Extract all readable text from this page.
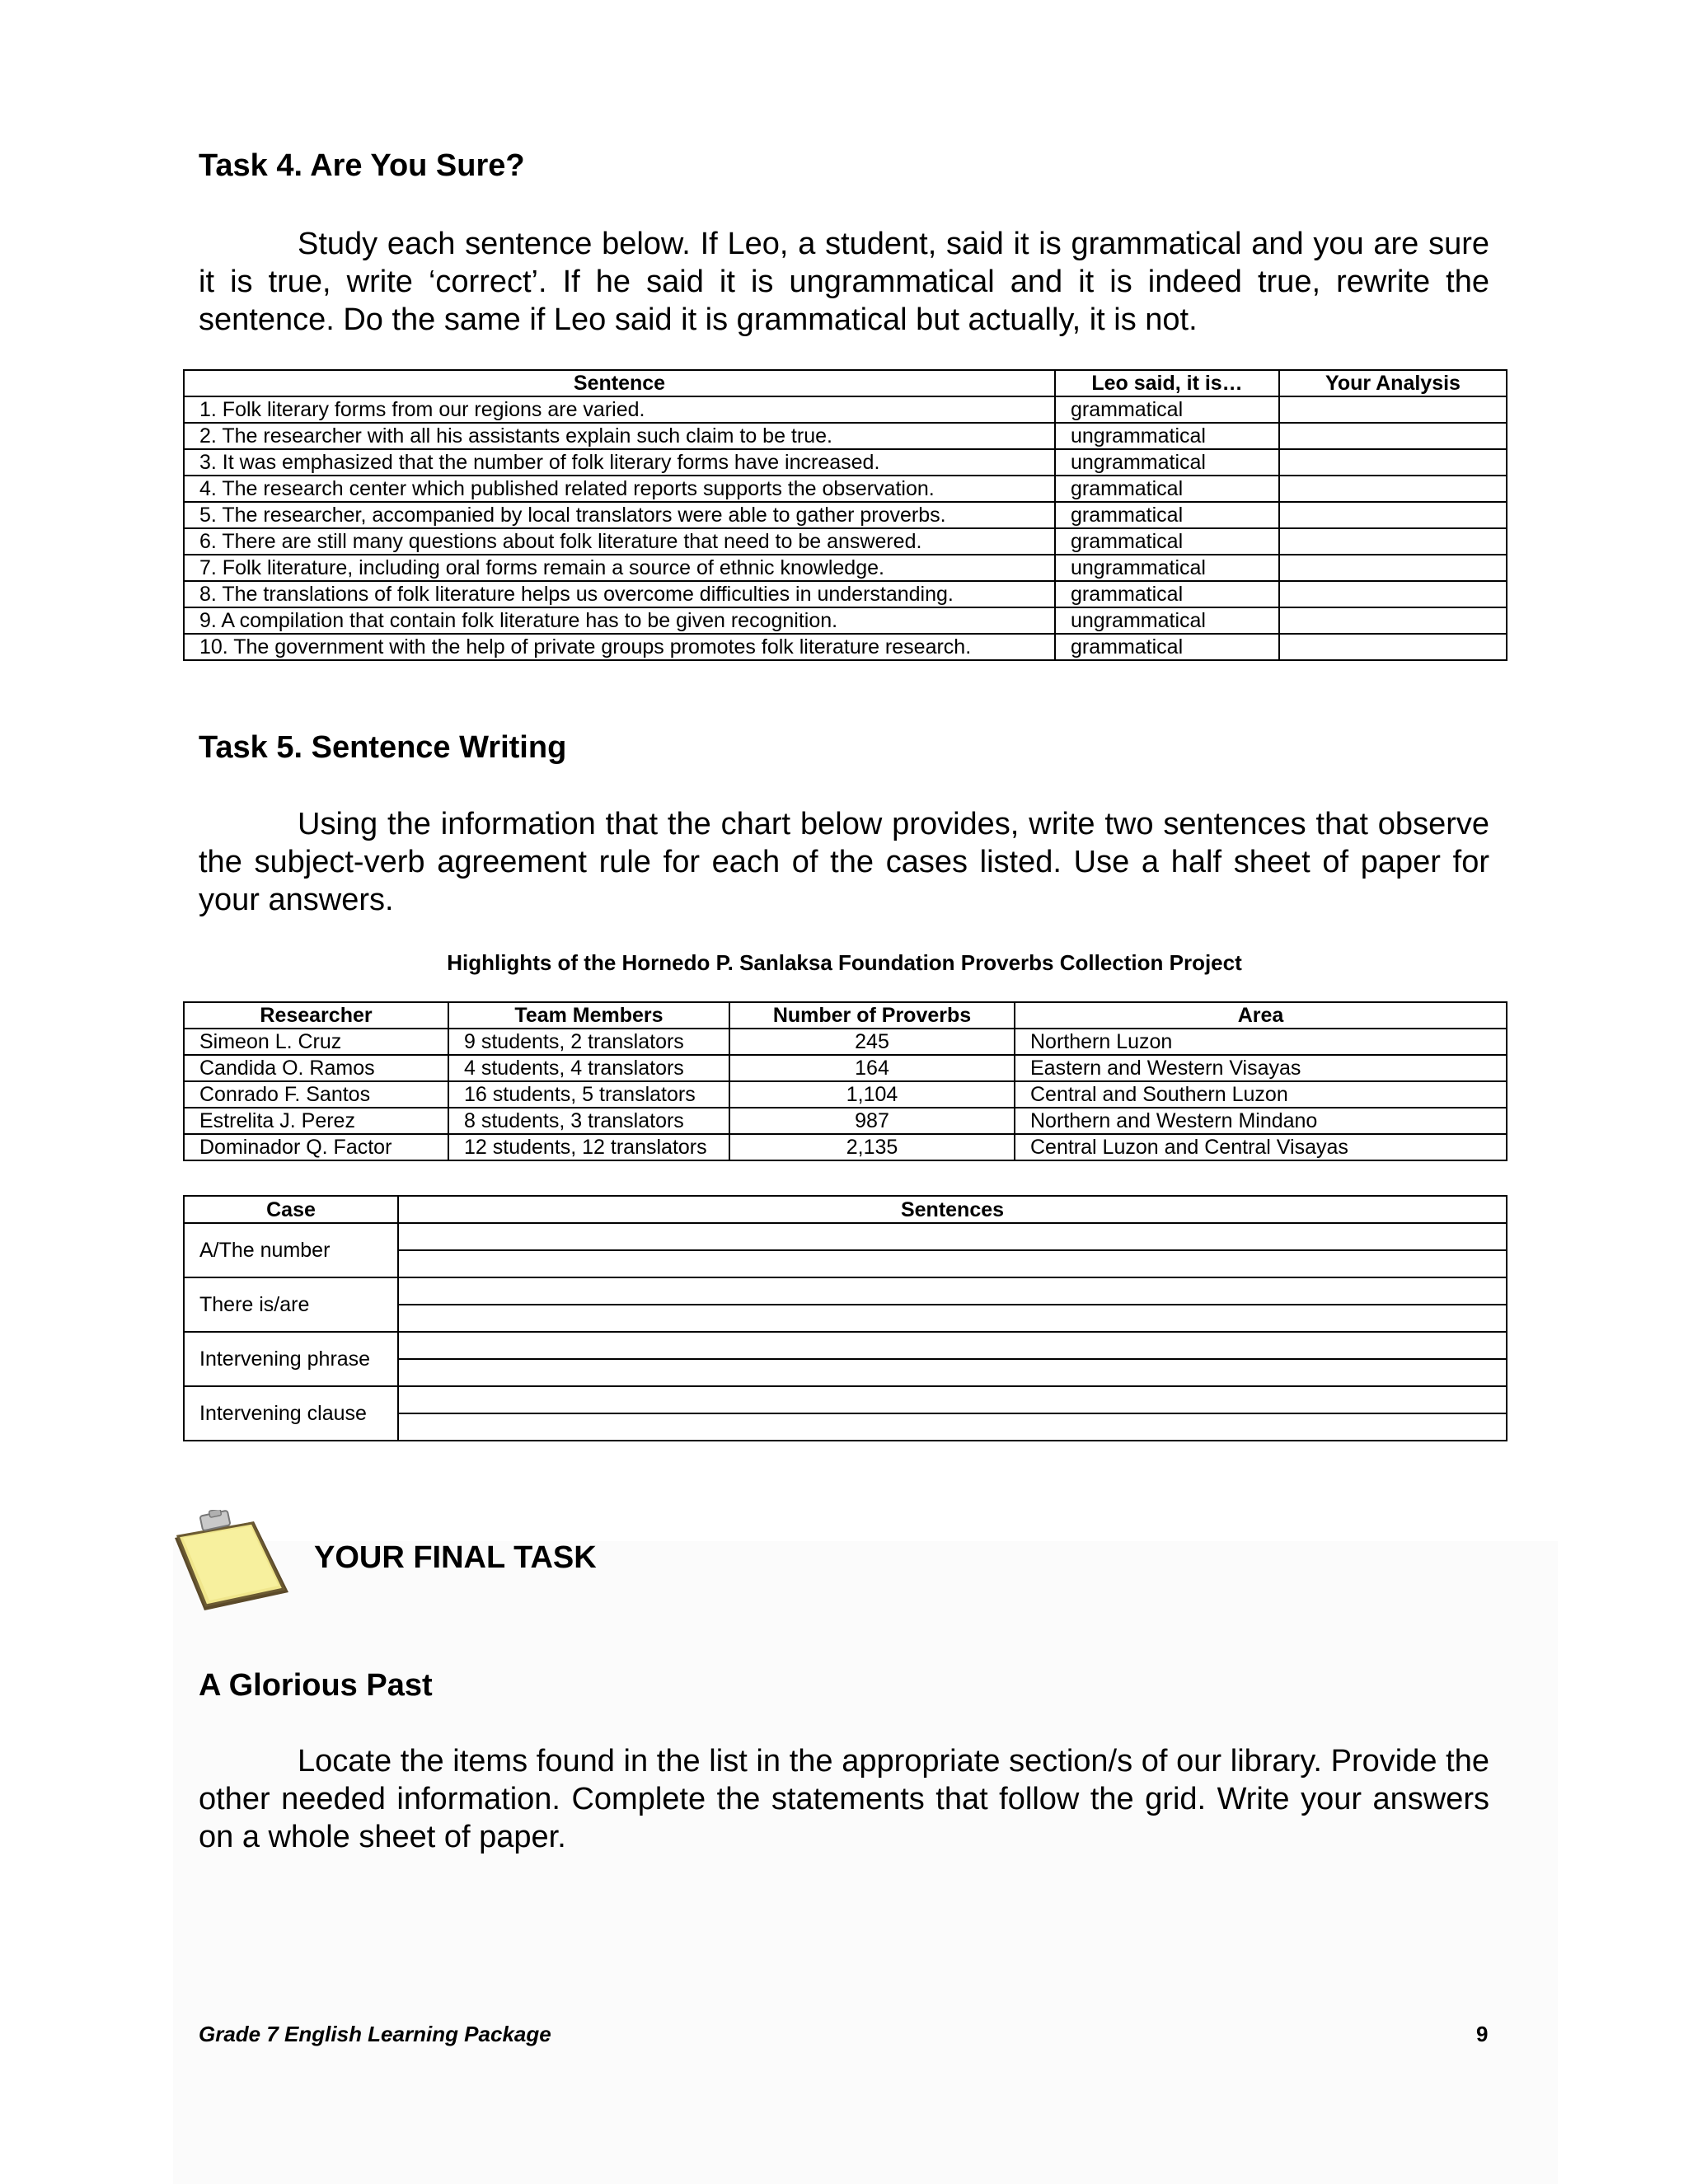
Task 4. Are You Sure?
Study each sentence below. If Leo, a student, said it is grammatical and you are sure it is true, write ‘correct’. If he said it is ungrammatical and it is indeed true, rewrite the sentence. Do the same if Leo said it is grammatical but actually, it is not.
Sentence	Leo said, it is…	Your Analysis
1. Folk literary forms from our regions are varied.	grammatical	
2. The researcher with all his assistants explain such claim to be true.	ungrammatical	
3. It was emphasized that the number of folk literary forms have increased.	ungrammatical	
4. The research center which published related reports supports the observation.	grammatical	
5. The researcher, accompanied by local translators were able to gather proverbs.	grammatical	
6. There are still many questions about folk literature that need to be answered.	grammatical	
7. Folk literature, including oral forms remain a source of ethnic knowledge.	ungrammatical	
8. The translations of folk literature helps us overcome difficulties in understanding.	grammatical	
9. A compilation that contain folk literature has to be given recognition.	ungrammatical	
10. The government with the help of private groups promotes folk literature research.	grammatical	
Task 5. Sentence Writing
Using the information that the chart below provides, write two sentences that observe the subject-verb agreement rule for each of the cases listed. Use a half sheet of paper for your answers.
Highlights of the Hornedo P. Sanlaksa Foundation Proverbs Collection Project
Researcher	Team Members	Number of Proverbs	Area
Simeon L. Cruz	9 students, 2 translators	245	Northern Luzon
Candida O. Ramos	4 students, 4 translators	164	Eastern and Western Visayas
Conrado F. Santos	16 students, 5 translators	1,104	Central and Southern Luzon
Estrelita J. Perez	8 students, 3 translators	987	Northern and Western Mindano
Dominador Q. Factor	12 students, 12 translators	2,135	Central Luzon and Central Visayas
Case	Sentences
A/The number	

There is/are	

Intervening phrase	

Intervening clause	

YOUR FINAL TASK
A Glorious Past
Locate the items found in the list in the appropriate section/s of our library. Provide the other needed information. Complete the statements that follow the grid. Write your answers on a whole sheet of paper.
Grade 7 English Learning Package	9
